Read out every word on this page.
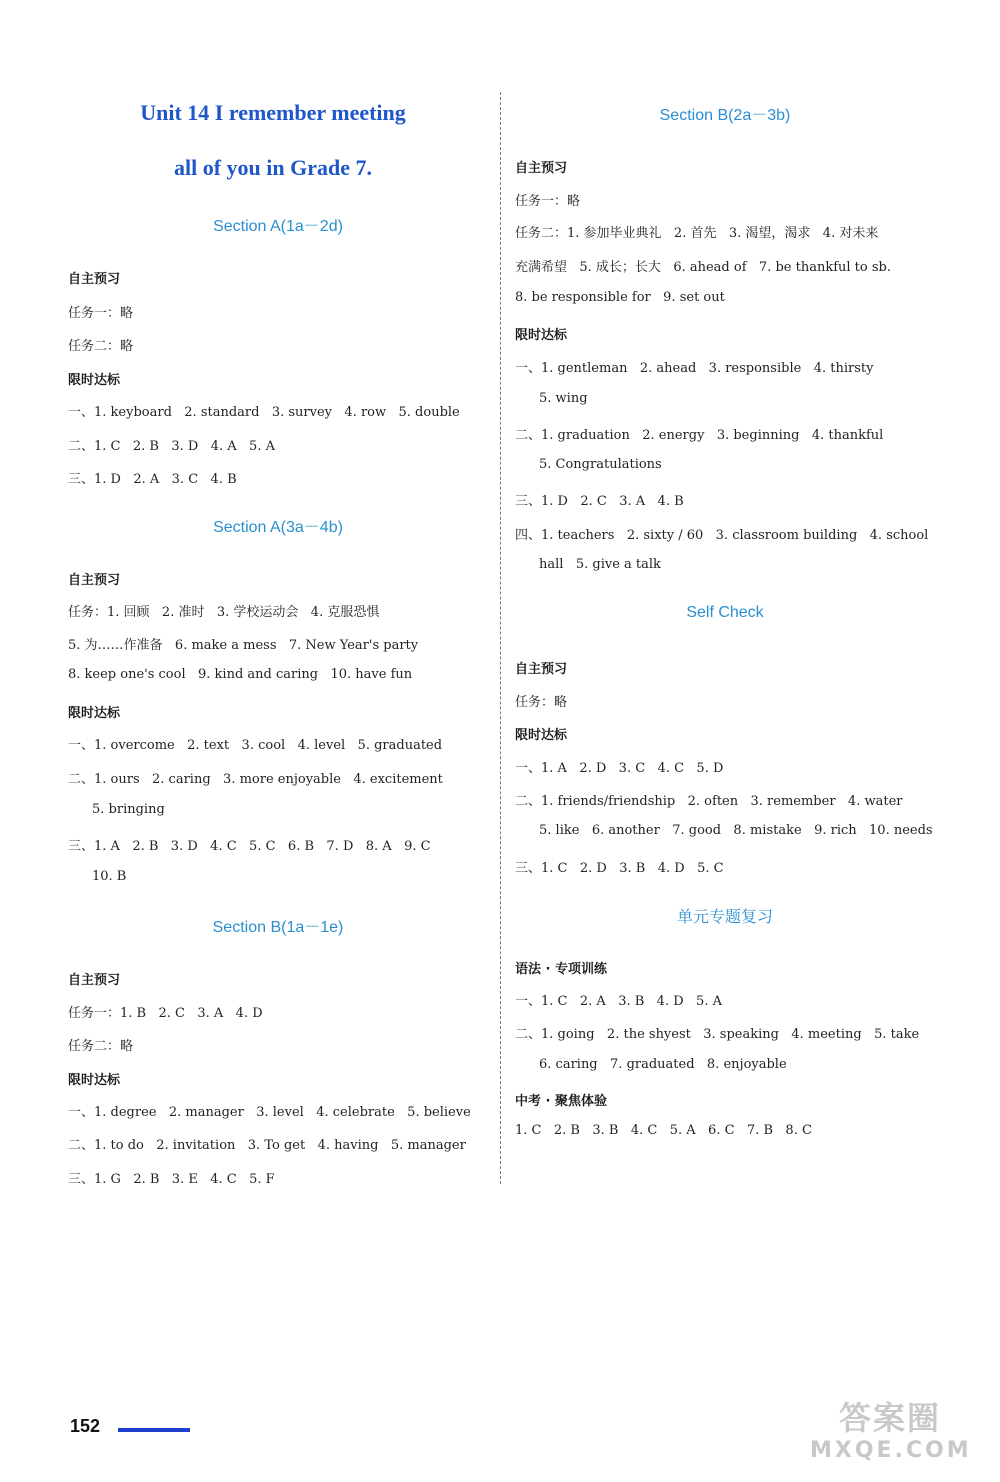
Unit 14 I remember meeting
all of you in Grade 7.
Section A(1a－2d)
自主预习
任务一：略
任务二：略
限时达标
一、1. keyboard   2. standard   3. survey   4. row   5. double
二、1. C   2. B   3. D   4. A   5. A
三、1. D   2. A   3. C   4. B
Section A(3a－4b)
自主预习
任务：1. 回顾   2. 准时   3. 学校运动会   4. 克服恐惧
5. 为……作准备   6. make a mess   7. New Year's party
8. keep one's cool   9. kind and caring   10. have fun
限时达标
一、1. overcome   2. text   3. cool   4. level   5. graduated
二、1. ours   2. caring   3. more enjoyable   4. excitement
5. bringing
三、1. A   2. B   3. D   4. C   5. C   6. B   7. D   8. A   9. C
10. B
Section B(1a－1e)
自主预习
任务一：1. B   2. C   3. A   4. D
任务二：略
限时达标
一、1. degree   2. manager   3. level   4. celebrate   5. believe
二、1. to do   2. invitation   3. To get   4. having   5. manager
三、1. G   2. B   3. E   4. C   5. F
Section B(2a－3b)
自主预习
任务一：略
任务二：1. 参加毕业典礼   2. 首先   3. 渴望，渴求   4. 对未来
充满希望   5. 成长；长大   6. ahead of   7. be thankful to sb.
8. be responsible for   9. set out
限时达标
一、1. gentleman   2. ahead   3. responsible   4. thirsty
5. wing
二、1. graduation   2. energy   3. beginning   4. thankful
5. Congratulations
三、1. D   2. C   3. A   4. B
四、1. teachers   2. sixty / 60   3. classroom building   4. school
hall   5. give a talk
Self Check
自主预习
任务：略
限时达标
一、1. A   2. D   3. C   4. C   5. D
二、1. friends/friendship   2. often   3. remember   4. water
5. like   6. another   7. good   8. mistake   9. rich   10. needs
三、1. C   2. D   3. B   4. D   5. C
单元专题复习
语法 · 专项训练
一、1. C   2. A   3. B   4. D   5. A
二、1. going   2. the shyest   3. speaking   4. meeting   5. take
6. caring   7. graduated   8. enjoyable
中考 · 聚焦体验
1. C   2. B   3. B   4. C   5. A   6. C   7. B   8. C
152	答案圈
MXQE.COM
